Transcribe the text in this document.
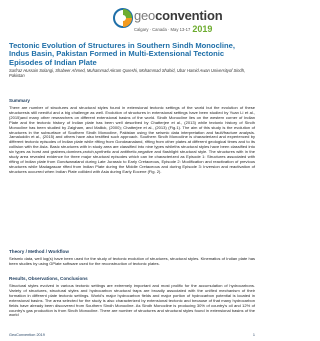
geoconvention
Calgary · Canada · May 13-17 2019
Tectonic Evolution of Structures in Southern Sindh Monocline, Indus Basin, Pakistan Formed in Multi-Extensional Tectonic Episodes of Indian Plate
Sarfraz Hussain Solangi, Shabeer Ahmed, Muhammad Akram Qureshi, Mohammad Shahid, Ubar Hamid Awan Universityof Sindh, Pakistan
Summary
There are number of structures and structural styles found in extensional tectonic settings of the world but the evolution of these structuresis still needful and a big challenge as well. Evolution of structures in extensional settings have been studied by Yuan Li et al., (2015)and many other researchers on different extensional basins of the world. Sindh Monocline lies on the western corner of Indian Plate and the tectonic history of Indian plate has been well described by Chatterjee et al., (2013) while tectonic history of Sindh Monocline has been studied by Zaigham, and Mallick, (2000); Chatterjee et al., (2013) (Fig.1). The aim of this study is the evolution of structures in the subsurface of Southern Sindh Monocline, Pakistan using the seismic data interpretation and fault/fracture analysis. Jamaluddin et al., (2015) and others have also testified such approach. Southern Sindh Monocline is characterized and experienced by different tectonic episodes of Indian plate while rifting from Gondwanaland, rifting from other plates at different geological times and to its collision with the Asia. Basic structures with in study area are classified into nine types whileths structural styles have been classified into six types as horst and grabens,domines,crotch,synthetic and antithetic,negative and flashlight structural style. The structures with in the study area revealed evidence for three major structural episodes which can be characterized as Episode 1: Structures associated with rifting of Indian plate from Gondwanaland during Late Jurassic to Early Cretaceous, Episode 2: Modification and reactivation of previous structures while Madagascar rifted from Indian Plate during the Middle Cretaceous and during Episode 3: Inversion and reactivation of structures occurred when Indian Plate collided with Asia during Early Eocene (Fig. 2).
Theory / Method / Workflow
Seismic data, well log(s) have been used for the study of tectonic evolution of structures, structural styles. Kinematics of Indian plate has been studies by using GPlate software used for the reconstruction of tectonic plates.
Results, Observations, Conclusions
Structural styles evolved in various tectonic settings are extremely important and most prolific for the accumulation of hydrocarbons. Variety of structures, structural styles and hydrocarbon structural traps are broadly associated with the unified mechanism of their formation in different plate tectonic settings. World's major hydrocarbon fields and major portion of hydrocarbon potential is located in extensional basins. The area selected for the study is also characterized by extensional tectonic and because of that many hydrocarbon fields have already been discovered from Southern Sindh Monocline. As Sindh Monocline is producing 30% of country's oil and 12% of country's gas production is from Sindh Monocline. There are number of structures and structural styles found in extensional basins of the world
GeoConvention 2019	1
